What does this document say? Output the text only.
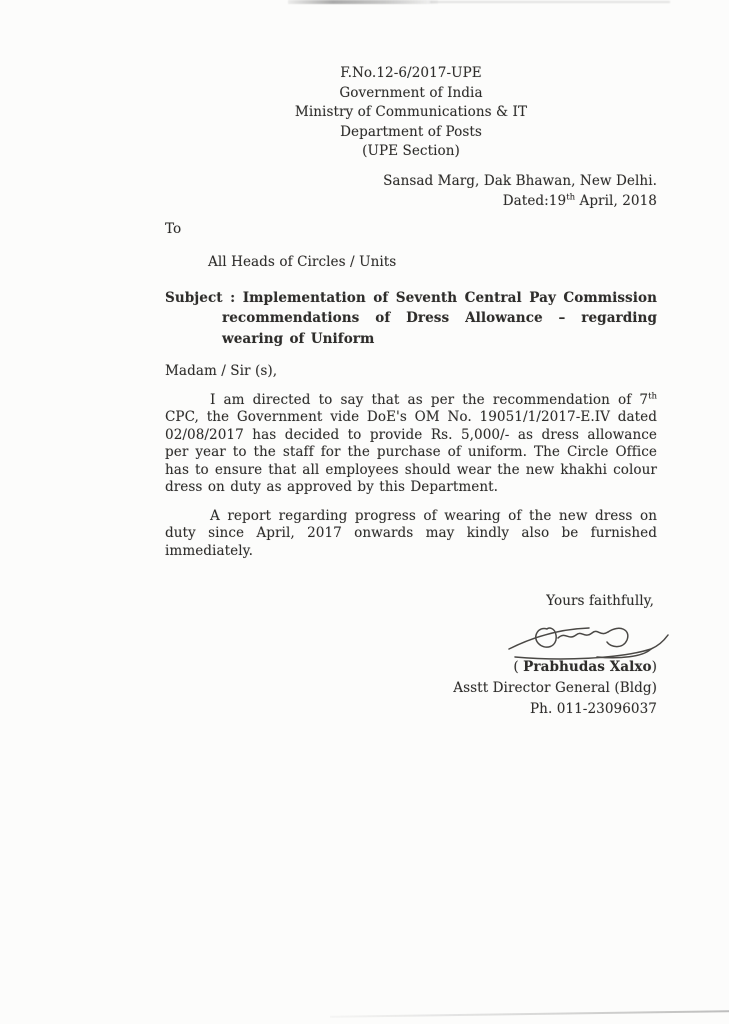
F.No.12-6/2017-UPE
Government of India
Ministry of Communications & IT
Department of Posts
(UPE Section)
Sansad Marg, Dak Bhawan, New Delhi.
Dated:19th April, 2018
To
All Heads of Circles / Units
Subject : Implementation of Seventh Central Pay Commission recommendations of Dress Allowance – regarding wearing of Uniform
Madam / Sir (s),

I am directed to say that as per the recommendation of 7th CPC, the Government vide DoE's OM No. 19051/1/2017-E.IV dated 02/08/2017 has decided to provide Rs. 5,000/- as dress allowance per year to the staff for the purchase of uniform. The Circle Office has to ensure that all employees should wear the new khakhi colour dress on duty as approved by this Department.

A report regarding progress of wearing of the new dress on duty since April, 2017 onwards may kindly also be furnished immediately.

Yours faithfully,
( Prabhudas Xalxo)
Asstt Director General (Bldg)
Ph. 011-23096037
